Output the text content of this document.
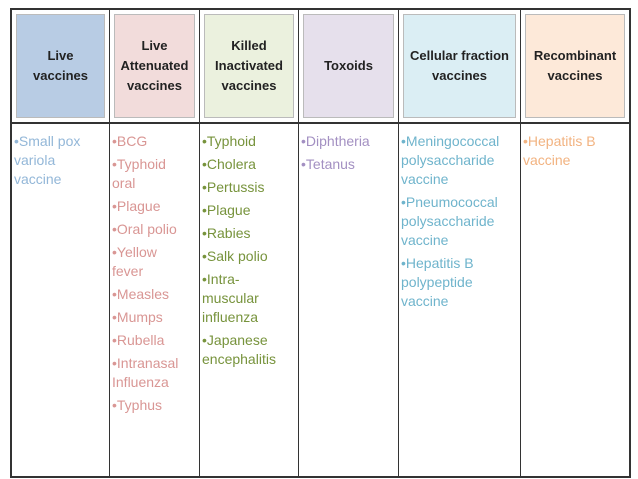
Live
vaccines
Live
Attenuated
vaccines
Killed
Inactivated
vaccines
Toxoids
Cellular fraction
vaccines
Recombinant
vaccines
•Small pox
variola
vaccine
•BCG
•Typhoid
oral
•Plague
•Oral polio
•Yellow
fever
•Measles
•Mumps
•Rubella
•Intranasal
Influenza
•Typhus
•Typhoid
•Cholera
•Pertussis
•Plague
•Rabies
•Salk polio
•Intra-
muscular
influenza
•Japanese
encephalitis
•Diphtheria
•Tetanus
•Meningococcal
polysaccharide
vaccine
•Pneumococcal
polysaccharide
vaccine
•Hepatitis B
polypeptide
vaccine
•Hepatitis B
vaccine
